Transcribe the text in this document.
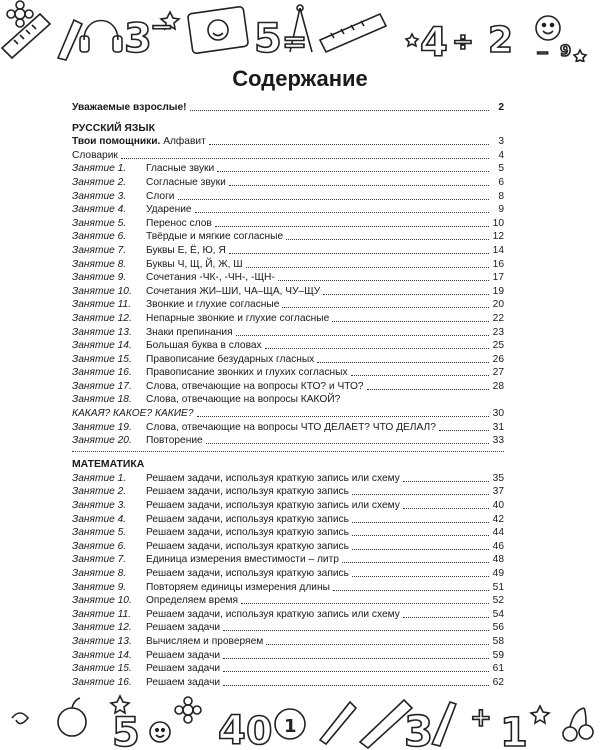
3
− 5 =	4 ÷ 2 − 9
Содержание
Уважаемые взрослые!	2
РУССКИЙ ЯЗЫК
Твои помощники. Алфавит	3
Словарик	4
Занятие 1.	Гласные звуки	5
Занятие 2.	Согласные звуки	6
Занятие 3.	Слоги	8
Занятие 4.	Ударение	9
Занятие 5.	Перенос слов	10
Занятие 6.	Твёрдые и мягкие согласные	12
Занятие 7.	Буквы Е, Ё, Ю, Я	14
Занятие 8.	Буквы Ч, Щ, Й, Ж, Ш	16
Занятие 9.	Сочетания -ЧК-, -ЧН-, -ЩН-	17
Занятие 10.	Сочетания ЖИ–ШИ, ЧА–ЩА, ЧУ–ЩУ	19
Занятие 11.	Звонкие и глухие согласные	20
Занятие 12.	Непарные звонкие и глухие согласные	22
Занятие 13.	Знаки препинания	23
Занятие 14.	Большая буква в словах	25
Занятие 15.	Правописание безударных гласных	26
Занятие 16.	Правописание звонких и глухих согласных	27
Занятие 17.	Слова, отвечающие на вопросы КТО? и ЧТО?	28
Занятие 18.	Слова, отвечающие на вопросы КАКОЙ?
КАКАЯ? КАКОЕ? КАКИЕ?	30
Занятие 19.	Слова, отвечающие на вопросы ЧТО ДЕЛАЕТ? ЧТО ДЕЛАЛ?	31
Занятие 20.	Повторение	33
МАТЕМАТИКА
Занятие 1.	Решаем задачи, используя краткую запись или схему	35
Занятие 2.	Решаем задачи, используя краткую запись	37
Занятие 3.	Решаем задачи, используя краткую запись или схему	40
Занятие 4.	Решаем задачи, используя краткую запись	42
Занятие 5.	Решаем задачи, используя краткую запись	44
Занятие 6.	Решаем задачи, используя краткую запись	46
Занятие 7.	Единица измерения вместимости – литр	48
Занятие 8.	Решаем задачи, используя краткую запись	49
Занятие 9.	Повторяем единицы измерения длины	51
Занятие 10.	Определяем время	52
Занятие 11.	Решаем задачи, используя краткую запись или схему	54
Занятие 12.	Решаем задачи	56
Занятие 13.	Вычисляем и проверяем	58
Занятие 14.	Решаем задачи	59
Занятие 15.	Решаем задачи	61
Занятие 16.	Решаем задачи	62
5 4 0 1	3 + 1
